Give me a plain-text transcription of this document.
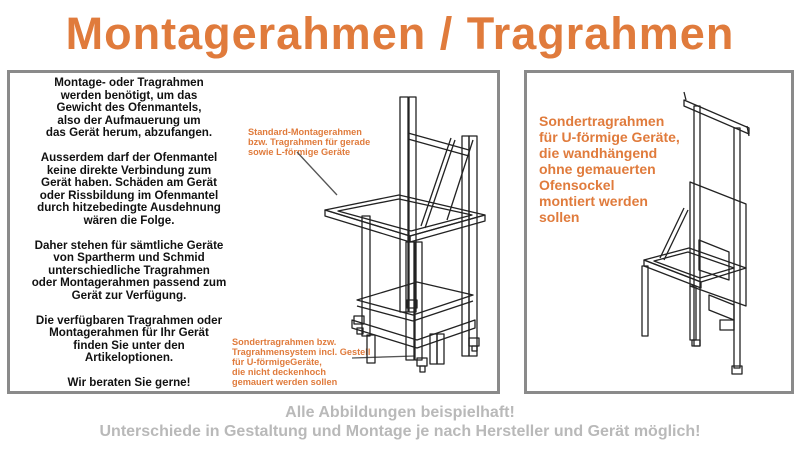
Montagerahmen / Tragrahmen

Montage- oder Tragrahmen
werden benötigt, um das
Gewicht des Ofenmantels,
also der Aufmauerung um
das Gerät herum, abzufangen.

Ausserdem darf der Ofenmantel
keine direkte Verbindung zum
Gerät haben. Schäden am Gerät
oder Rissbildung im Ofenmantel
durch hitzebedingte Ausdehnung
wären die Folge.

Daher stehen für sämtliche Geräte
von Spartherm und Schmid
unterschiedliche Tragrahmen
oder Montagerahmen passend zum
Gerät zur Verfügung.

Die verfügbaren Tragrahmen oder
Montagerahmen für Ihr Gerät
finden Sie unter den
Artikeloptionen.

Wir beraten Sie gerne!

Standard-Montagerahmen
bzw. Tragrahmen für gerade
sowie L-förmige Geräte
Sondertragrahmen bzw.
Tragrahmensystem incl. Gestell
für U-förmigeGeräte,
die nicht deckenhoch
gemauert werden sollen
Sondertragrahmen
für U-förmige Geräte,
die wandhängend
ohne gemauerten
Ofensockel
montiert werden
sollen
Alle Abbildungen beispielhaft!
Unterschiede in Gestaltung und Montage je nach Hersteller und Gerät möglich!
